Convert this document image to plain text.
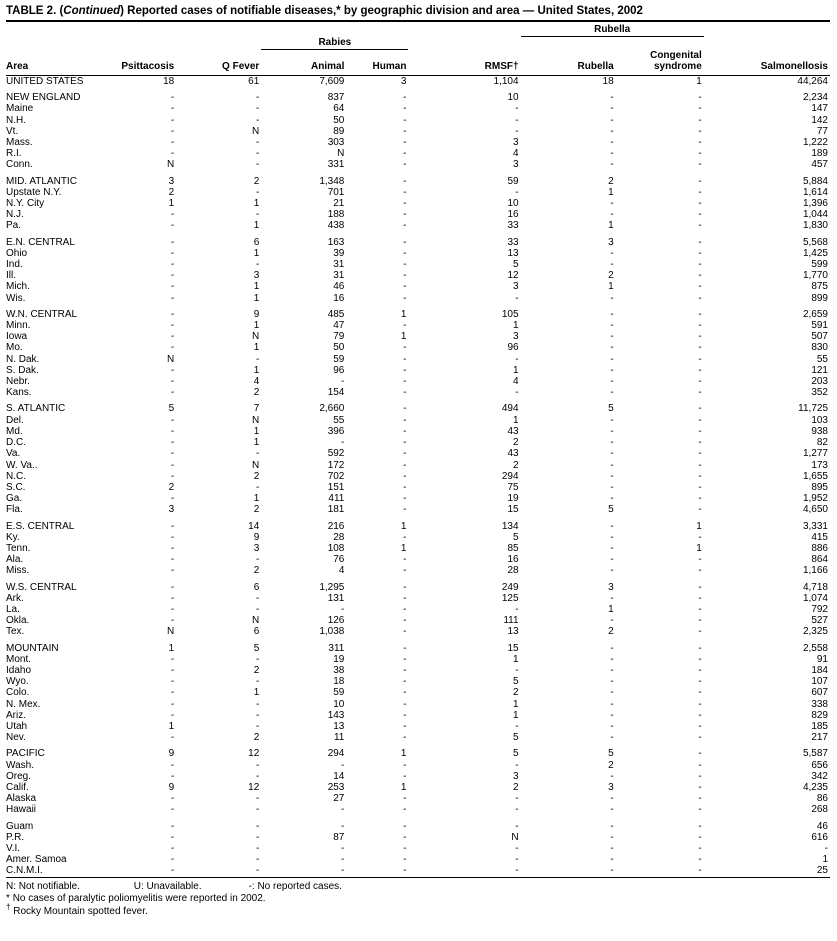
TABLE 2. (Continued) Reported cases of notifiable diseases,* by geographic division and area — United States, 2002
						Rubella		
			Rabies					
Area	Psittacosis	Q Fever	Animal	Human	RMSF†	Rubella	Congenital syndrome	Salmonellosis
UNITED STATES	18	61	7,609	3	1,104	18	1	44,264

NEW ENGLAND	-	-	837	-	10	-	-	2,234
Maine	-	-	64	-	-	-	-	147
N.H.	-	-	50	-	-	-	-	142
Vt.	-	N	89	-	-	-	-	77
Mass.	-	-	303	-	3	-	-	1,222
R.I.	-	-	N	-	4	-	-	189
Conn.	N	-	331	-	3	-	-	457

MID. ATLANTIC	3	2	1,348	-	59	2	-	5,884
Upstate N.Y.	2	-	701	-	-	1	-	1,614
N.Y. City	1	1	21	-	10	-	-	1,396
N.J.	-	-	188	-	16	-	-	1,044
Pa.	-	1	438	-	33	1	-	1,830

E.N. CENTRAL	-	6	163	-	33	3	-	5,568
Ohio	-	1	39	-	13	-	-	1,425
Ind.	-	-	31	-	5	-	-	599
Ill.	-	3	31	-	12	2	-	1,770
Mich.	-	1	46	-	3	1	-	875
Wis.	-	1	16	-	-	-	-	899

W.N. CENTRAL	-	9	485	1	105	-	-	2,659
Minn.	-	1	47	-	1	-	-	591
Iowa	-	N	79	1	3	-	-	507
Mo.	-	1	50	-	96	-	-	830
N. Dak.	N	-	59	-	-	-	-	55
S. Dak.	-	1	96	-	1	-	-	121
Nebr.	-	4	-	-	4	-	-	203
Kans.	-	2	154	-	-	-	-	352

S. ATLANTIC	5	7	2,660	-	494	5	-	11,725
Del.	-	N	55	-	1	-	-	103
Md.	-	1	396	-	43	-	-	938
D.C.	-	1	-	-	2	-	-	82
Va.	-	-	592	-	43	-	-	1,277
W. Va..	-	N	172	-	2	-	-	173
N.C.	-	2	702	-	294	-	-	1,655
S.C.	2	-	151	-	75	-	-	895
Ga.	-	1	411	-	19	-	-	1,952
Fla.	3	2	181	-	15	5	-	4,650

E.S. CENTRAL	-	14	216	1	134	-	1	3,331
Ky.	-	9	28	-	5	-	-	415
Tenn.	-	3	108	1	85	-	1	886
Ala.	-	-	76	-	16	-	-	864
Miss.	-	2	4	-	28	-	-	1,166

W.S. CENTRAL	-	6	1,295	-	249	3	-	4,718
Ark.	-	-	131	-	125	-	-	1,074
La.	-	-	-	-	-	1	-	792
Okla.	-	N	126	-	111	-	-	527
Tex.	N	6	1,038	-	13	2	-	2,325

MOUNTAIN	1	5	311	-	15	-	-	2,558
Mont.	-	-	19	-	1	-	-	91
Idaho	-	2	38	-	-	-	-	184
Wyo.	-	-	18	-	5	-	-	107
Colo.	-	1	59	-	2	-	-	607
N. Mex.	-	-	10	-	1	-	-	338
Ariz.	-	-	143	-	1	-	-	829
Utah	1	-	13	-	-	-	-	185
Nev.	-	2	11	-	5	-	-	217

PACIFIC	9	12	294	1	5	5	-	5,587
Wash.	-	-	-	-	-	2	-	656
Oreg.	-	-	14	-	3	-	-	342
Calif.	9	12	253	1	2	3	-	4,235
Alaska	-	-	27	-	-	-	-	86
Hawaii	-	-	-	-	-	-	-	268

Guam	-	-	-	-	-	-	-	46
P.R.	-	-	87	-	N	-	-	616
V.I.	-	-	-	-	-	-	-	-
Amer. Samoa	-	-	-	-	-	-	-	1
C.N.M.I.	-	-	-	-	-	-	-	25
N: Not notifiable.	U: Unavailable.	-: No reported cases.
* No cases of paralytic poliomyelitis were reported in 2002.
† Rocky Mountain spotted fever.
